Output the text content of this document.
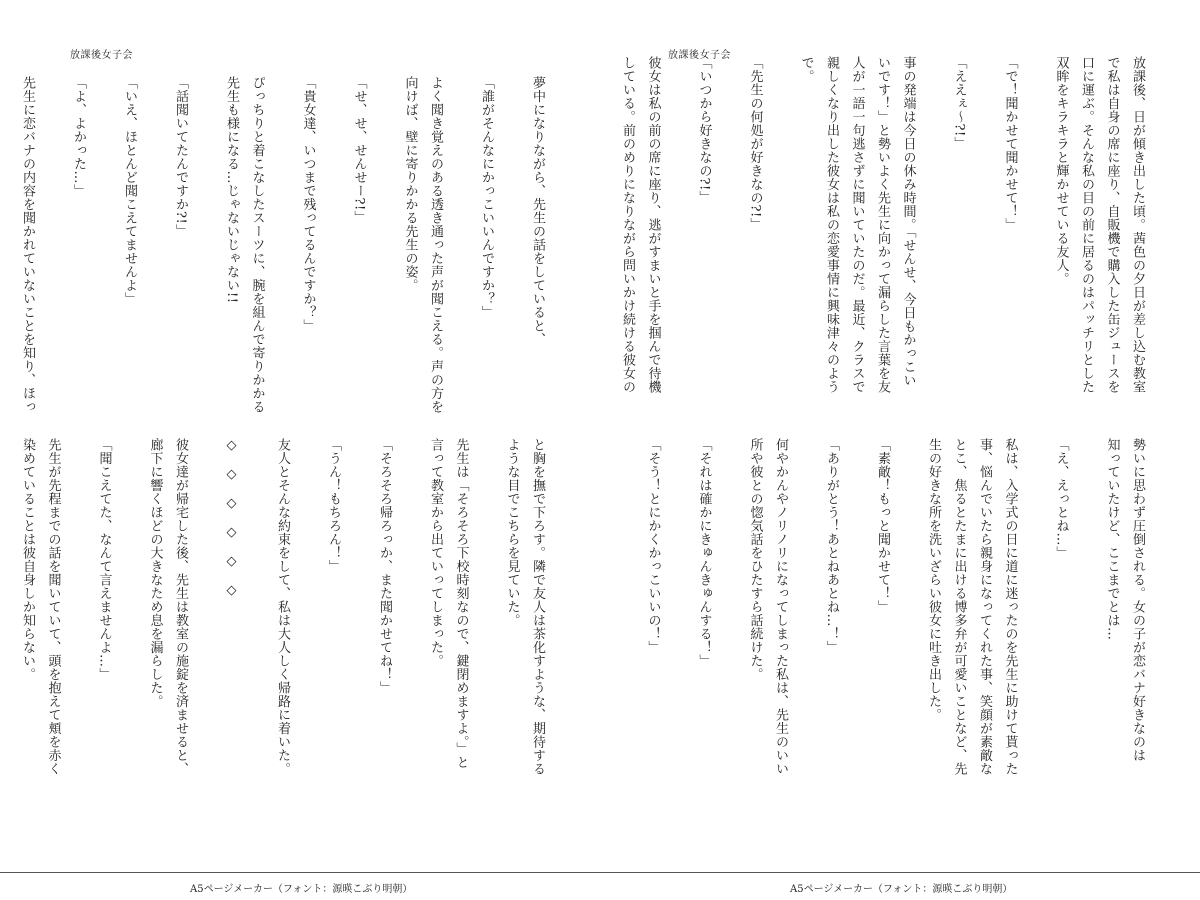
放課後女子会
夢中になりながら、先生の話をしていると、

「誰がそんなにかっこいいんですか？」

よく聞き覚えのある透き通った声が聞こえる。声の方を
向けば、壁に寄りかかる先生の姿。

「せ、せ、せんせー?!」

「貴女達、いつまで残ってるんですか？」

ぴっちりと着こなしたスーツに、腕を組んで寄りかかる
先生も様になる…じゃないじゃない!!

「話聞いてたんですか?!」

「いえ、ほとんど聞こえてませんよ」

「よ、よかった…」

先生に恋バナの内容を聞かれていないことを知り、ほっ
と胸を撫で下ろす。隣で友人は茶化すような、期待する
ような目でこちらを見ていた。

先生は「そろそろ下校時刻なので、鍵閉めますよ。」と
言って教室から出ていってしまった。

「そろそろ帰ろっか、また聞かせてね！」

「うん！もちろん！」

友人とそんな約束をして、私は大人しく帰路に着いた。

◇　◇　◇　◇　◇　◇

彼女達が帰宅した後、先生は教室の施錠を済ませると、
廊下に響くほどの大きなため息を漏らした。

「聞こえてた、なんて言えませんよ…」

先生が先程までの話を聞いていて、頭を抱えて頬を赤く
染めていることは彼自身しか知らない。
放課後女子会
放課後、日が傾き出した頃。茜色の夕日が差し込む教室
で私は自身の席に座り、自販機で購入した缶ジュースを
口に運ぶ。そんな私の目の前に居るのはパッチリとした
双眸をキラキラと輝かせている友人。

「で！聞かせて聞かせて！」

「ええぇ〜?!」

事の発端は今日の休み時間。「せんせ、今日もかっこい
いです！」と勢いよく先生に向かって漏らした言葉を友
人が一語一句逃さずに聞いていたのだ。最近、クラスで
親しくなり出した彼女は私の恋愛事情に興味津々のよう
で。

「先生の何処が好きなの?!」

「いつから好きなの?!」

彼女は私の前の席に座り、逃がすまいと手を掴んで待機
している。前のめりになりながら問いかけ続ける彼女の
勢いに思わず圧倒される。女の子が恋バナ好きなのは
知っていたけど、ここまでとは…

「え、えっとね…」

私は、入学式の日に道に迷ったのを先生に助けて貰った
事、悩んでいたら親身になってくれた事、笑顔が素敵な
とこ、焦るとたまに出ける博多弁が可愛いことなど、先
生の好きな所を洗いざらい彼女に吐き出した。

「素敵！もっと聞かせて！」

「ありがとう！あとねあとね…！」

何やかんやノリノリになってしまった私は、先生のいい
所や彼との惚気話をひたすら話続けた。

「それは確かにきゅんきゅんする！」

「そう！とにかくかっこいいの！」
A5ページメーカー（フォント：源暎こぶり明朝）	A5ページメーカー（フォント：源暎こぶり明朝）
